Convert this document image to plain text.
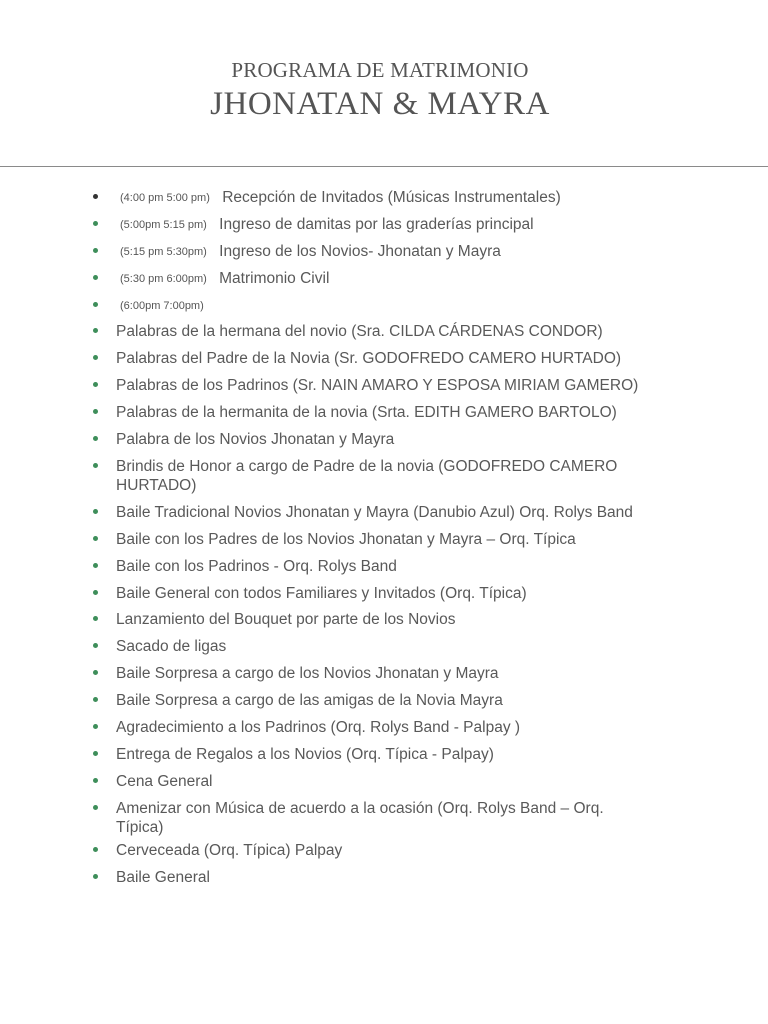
PROGRAMA DE MATRIMONIO
JHONATAN & MAYRA
(4:00 pm 5:00 pm) Recepción de Invitados (Músicas Instrumentales)
(5:00pm 5:15 pm) Ingreso de damitas por las graderías principal
(5:15 pm 5:30pm) Ingreso de los Novios- Jhonatan y Mayra
(5:30 pm 6:00pm) Matrimonio Civil
(6:00pm 7:00pm)
Palabras de la hermana del novio (Sra. CILDA CÁRDENAS CONDOR)
Palabras del Padre de la Novia (Sr. GODOFREDO CAMERO HURTADO)
Palabras de los Padrinos (Sr. NAIN AMARO Y ESPOSA MIRIAM GAMERO)
Palabras de la hermanita de la novia (Srta. EDITH GAMERO BARTOLO)
Palabra de los Novios Jhonatan y Mayra
Brindis de Honor a cargo de Padre de la novia (GODOFREDO CAMERO HURTADO)
Baile Tradicional Novios Jhonatan y Mayra (Danubio Azul) Orq. Rolys Band
Baile con los Padres de los Novios Jhonatan y Mayra – Orq. Típica
Baile con los Padrinos - Orq. Rolys Band
Baile General con todos Familiares y Invitados (Orq. Típica)
Lanzamiento del Bouquet por parte de los Novios
Sacado de ligas
Baile Sorpresa a cargo de los Novios Jhonatan y Mayra
Baile Sorpresa a cargo de las amigas de la Novia Mayra
Agradecimiento a los Padrinos (Orq. Rolys Band - Palpay )
Entrega de Regalos a los Novios (Orq. Típica - Palpay)
Cena General
Amenizar con Música de acuerdo a la ocasión (Orq. Rolys Band – Orq. Típica)
Cerveceada (Orq. Típica) Palpay
Baile General
